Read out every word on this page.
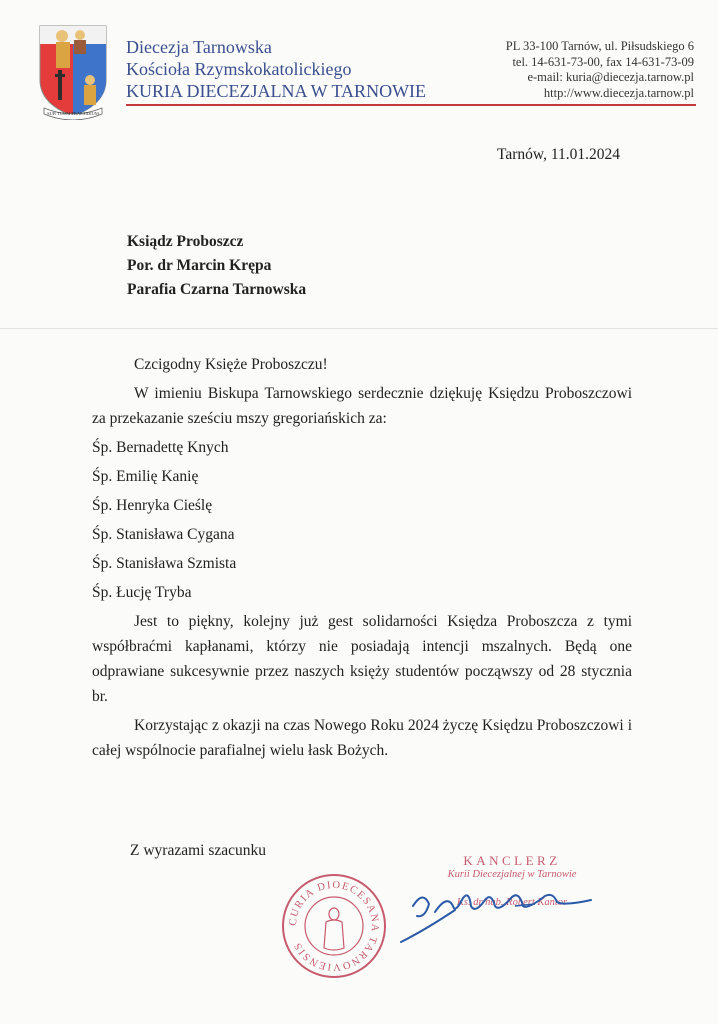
SUB TUUM PRAESIDIUM
Diecezja Tarnowska
Kościoła Rzymskokatolickiego
KURIA DIECEZJALNA W TARNOWIE
PL 33-100 Tarnów, ul. Piłsudskiego 6
tel. 14-631-73-00, fax 14-631-73-09
e-mail: kuria@diecezja.tarnow.pl
http://www.diecezja.tarnow.pl
Tarnów, 11.01.2024
Ksiądz Proboszcz
Por. dr Marcin Krępa
Parafia Czarna Tarnowska
Czcigodny Księże Proboszczu!

W imieniu Biskupa Tarnowskiego serdecznie dziękuję Księdzu Proboszczowi za przekazanie sześciu mszy gregoriańskich za:

Śp. Bernadettę Knych
Śp. Emilię Kanię
Śp. Henryka Cieślę
Śp. Stanisława Cygana
Śp. Stanisława Szmista
Śp. Łucję Tryba

Jest to piękny, kolejny już gest solidarności Księdza Proboszcza z tymi współbraćmi kapłanami, którzy nie posiadają intencji mszalnych. Będą one odprawiane sukcesywnie przez naszych księży studentów począwszy od 28 stycznia br.

Korzystając z okazji na czas Nowego Roku 2024 życzę Księdzu Proboszczowi i całej wspólnocie parafialnej wielu łask Bożych.

Z wyrazami szacunku
CURIA DIOECESANA TARNOVIENSIS
KANCLERZ
Kurii Diecezjalnej w Tarnowie
Ks. dr hab. Robert Kantor
